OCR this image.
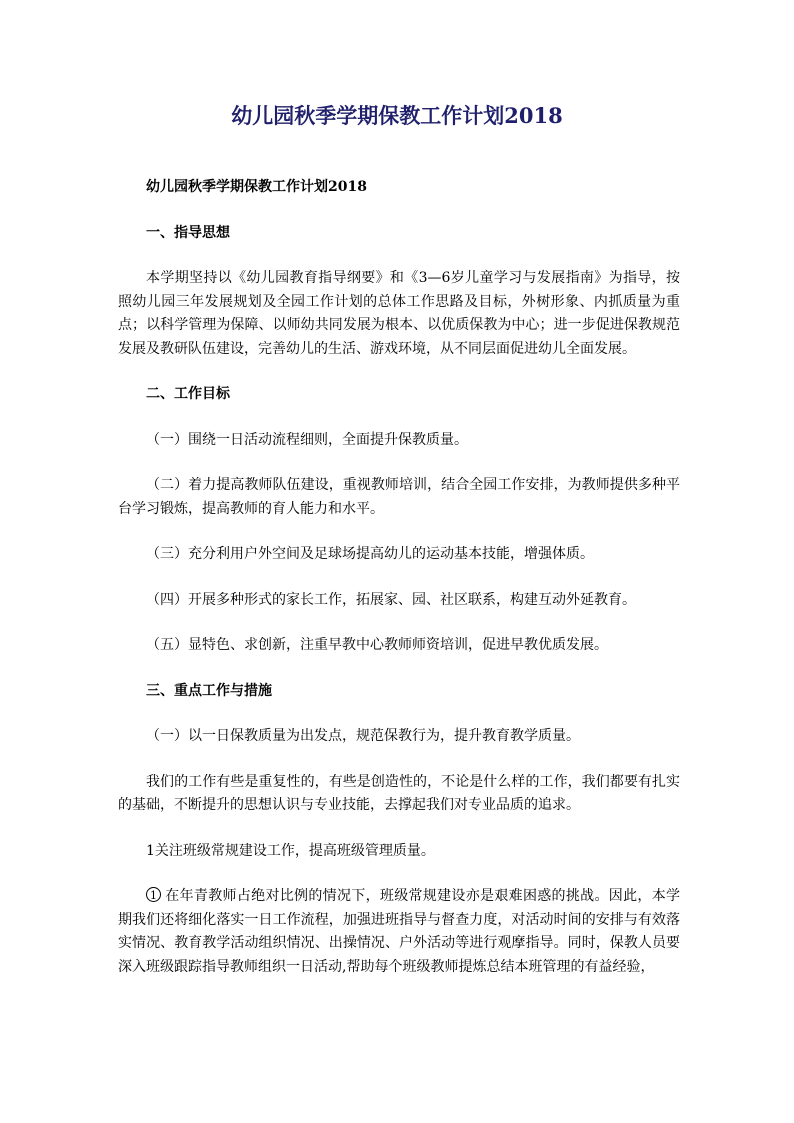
幼儿园秋季学期保教工作计划2018

幼儿园秋季学期保教工作计划2018

一、指导思想

本学期坚持以《幼儿园教育指导纲要》和《3—6岁儿童学习与发展指南》为指导，按照幼儿园三年发展规划及全园工作计划的总体工作思路及目标，外树形象、内抓质量为重点；以科学管理为保障、以师幼共同发展为根本、以优质保教为中心；进一步促进保教规范发展及教研队伍建设，完善幼儿的生活、游戏环境，从不同层面促进幼儿全面发展。

二、工作目标

（一）围绕一日活动流程细则，全面提升保教质量。

（二）着力提高教师队伍建设，重视教师培训，结合全园工作安排，为教师提供多种平台学习锻炼，提高教师的育人能力和水平。

（三）充分利用户外空间及足球场提高幼儿的运动基本技能，增强体质。

（四）开展多种形式的家长工作，拓展家、园、社区联系，构建互动外延教育。

（五）显特色、求创新，注重早教中心教师师资培训，促进早教优质发展。

三、重点工作与措施

（一）以一日保教质量为出发点，规范保教行为，提升教育教学质量。

我们的工作有些是重复性的，有些是创造性的，不论是什么样的工作，我们都要有扎实的基础，不断提升的思想认识与专业技能，去撑起我们对专业品质的追求。

1关注班级常规建设工作，提高班级管理质量。

1 在年青教师占绝对比例的情况下，班级常规建设亦是艰难困惑的挑战。因此，本学期我们还将细化落实一日工作流程，加强进班指导与督查力度，对活动时间的安排与有效落实情况、教育教学活动组织情况、出操情况、户外活动等进行观摩指导。同时，保教人员要深入班级跟踪指导教师组织一日活动,帮助每个班级教师提炼总结本班管理的有益经验，
